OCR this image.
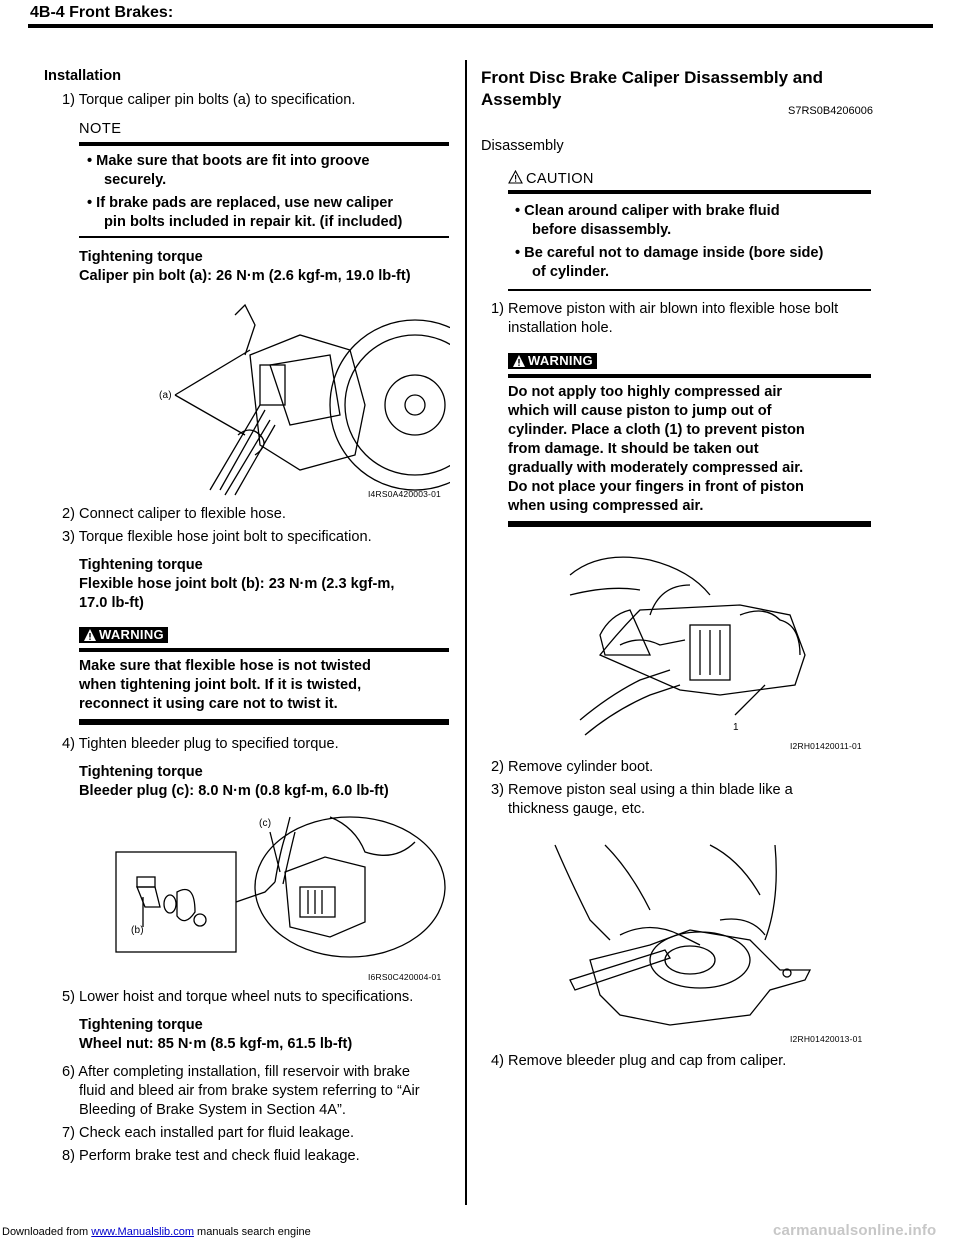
4B-4 Front Brakes:
Installation
1) Torque caliper pin bolts (a) to specification.
NOTE
• Make sure that boots are fit into groove
securely.
• If brake pads are replaced, use new caliper
pin bolts included in repair kit. (if included)
Tightening torque
Caliper pin bolt (a): 26 N·m (2.6 kgf-m, 19.0 lb-ft)
(a)
I4RS0A420003-01
2) Connect caliper to flexible hose.
3) Torque flexible hose joint bolt to specification.
Tightening torque
Flexible hose joint bolt (b): 23 N·m (2.3 kgf-m,
17.0 lb-ft)
WARNING
Make sure that flexible hose is not twisted
when tightening joint bolt. If it is twisted,
reconnect it using care not to twist it.
4) Tighten bleeder plug to specified torque.
Tightening torque
Bleeder plug (c): 8.0 N·m (0.8 kgf-m, 6.0 lb-ft)
(c)
(b)
I6RS0C420004-01
5) Lower hoist and torque wheel nuts to specifications.
Tightening torque
Wheel nut: 85 N·m (8.5 kgf-m, 61.5 lb-ft)
6) After completing installation, fill reservoir with brake
fluid and bleed air from brake system referring to “Air
Bleeding of Brake System in Section 4A”.
7) Check each installed part for fluid leakage.
8) Perform brake test and check fluid leakage.
Front Disc Brake Caliper Disassembly and
Assembly
S7RS0B4206006
Disassembly
CAUTION
• Clean around caliper with brake fluid
before disassembly.
• Be careful not to damage inside (bore side)
of cylinder.
1) Remove piston with air blown into flexible hose bolt
installation hole.
WARNING
Do not apply too highly compressed air
which will cause piston to jump out of
cylinder. Place a cloth (1) to prevent piston
from damage. It should be taken out
gradually with moderately compressed air.
Do not place your fingers in front of piston
when using compressed air.
1
I2RH01420011-01
2) Remove cylinder boot.
3) Remove piston seal using a thin blade like a
thickness gauge, etc.
I2RH01420013-01
4) Remove bleeder plug and cap from caliper.
Downloaded from www.Manualslib.com manuals search engine	carmanualsonline.info
